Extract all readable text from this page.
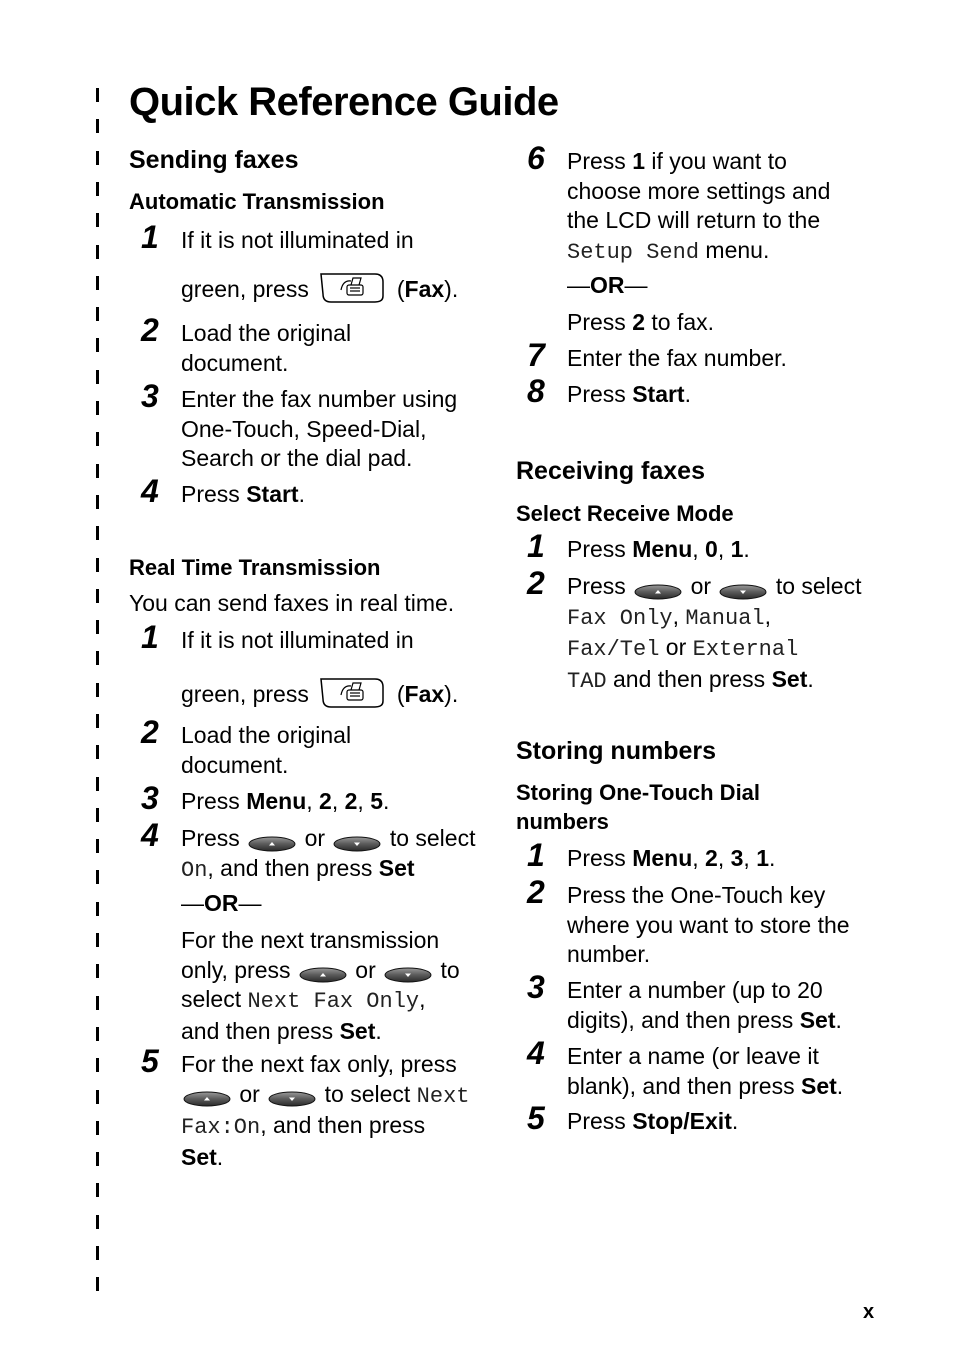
Quick Reference Guide
Sending faxes
Automatic Transmission
1 If it is not illuminated in
green, press	(Fax).
2 Load the original
document.
3 Enter the fax number using
One-Touch, Speed-Dial,
Search or the dial pad.
4 Press Start.
Real Time Transmission
You can send faxes in real time.
1 If it is not illuminated in
green, press	(Fax).
2 Load the original
document.
3 Press Menu, 2, 2, 5.
4 Press	or	to select
On, and then press Set
—OR—
For the next transmission
only, press	or	to
select Next Fax Only,
and then press Set.
5 For the next fax only, press
or	to select Next
Fax:On, and then press
Set.
6 Press 1 if you want to
choose more settings and
the LCD will return to the
Setup Send menu.
—OR—
Press 2 to fax.
7 Enter the fax number.
8 Press Start.
Receiving faxes
Select Receive Mode
1 Press Menu, 0, 1.
2 Press	or	to select
Fax Only, Manual,
Fax/Tel or External
TAD and then press Set.
Storing numbers
Storing One-Touch Dial
numbers
1 Press Menu, 2, 3, 1.
2 Press the One-Touch key
where you want to store the
number.
3 Enter a number (up to 20
digits), and then press Set.
4 Enter a name (or leave it
blank), and then press Set.
5 Press Stop/Exit.
x
